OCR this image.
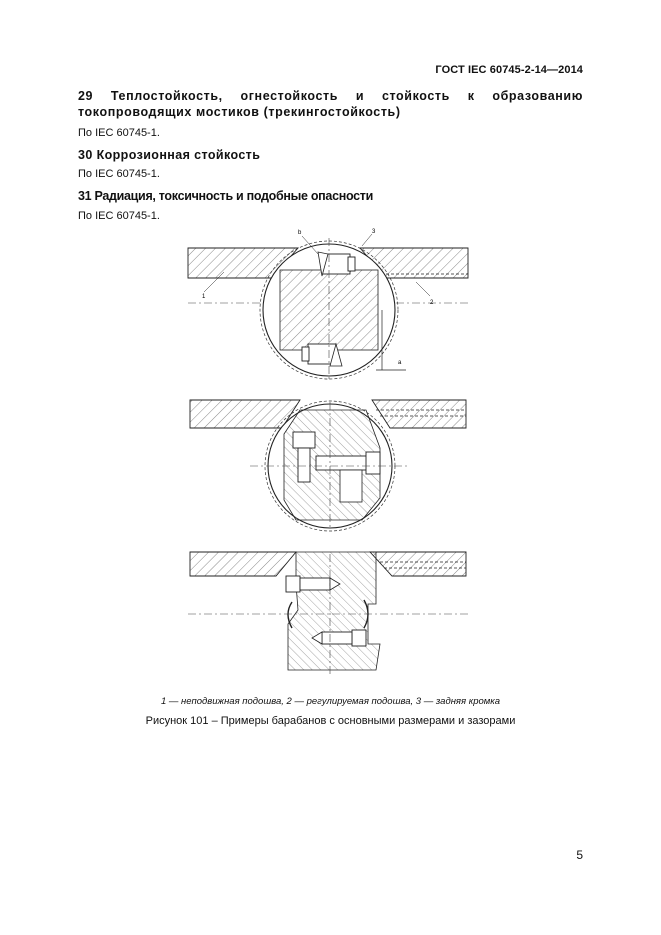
ГОСТ IEC 60745-2-14—2014
29 Теплостойкость, огнестойкость и стойкость к образованию токопроводящих мостиков (трекингостойкость)
По IEC 60745-1.
30 Коррозионная стойкость
По IEC 60745-1.
31 Радиация, токсичность и подобные опасности
По IEC 60745-1.
1
2
3
b
a
1 — неподвижная подошва, 2 — регулируемая подошва, 3 — задняя кромка
Рисунок 101 – Примеры барабанов с основными размерами и зазорами
5
